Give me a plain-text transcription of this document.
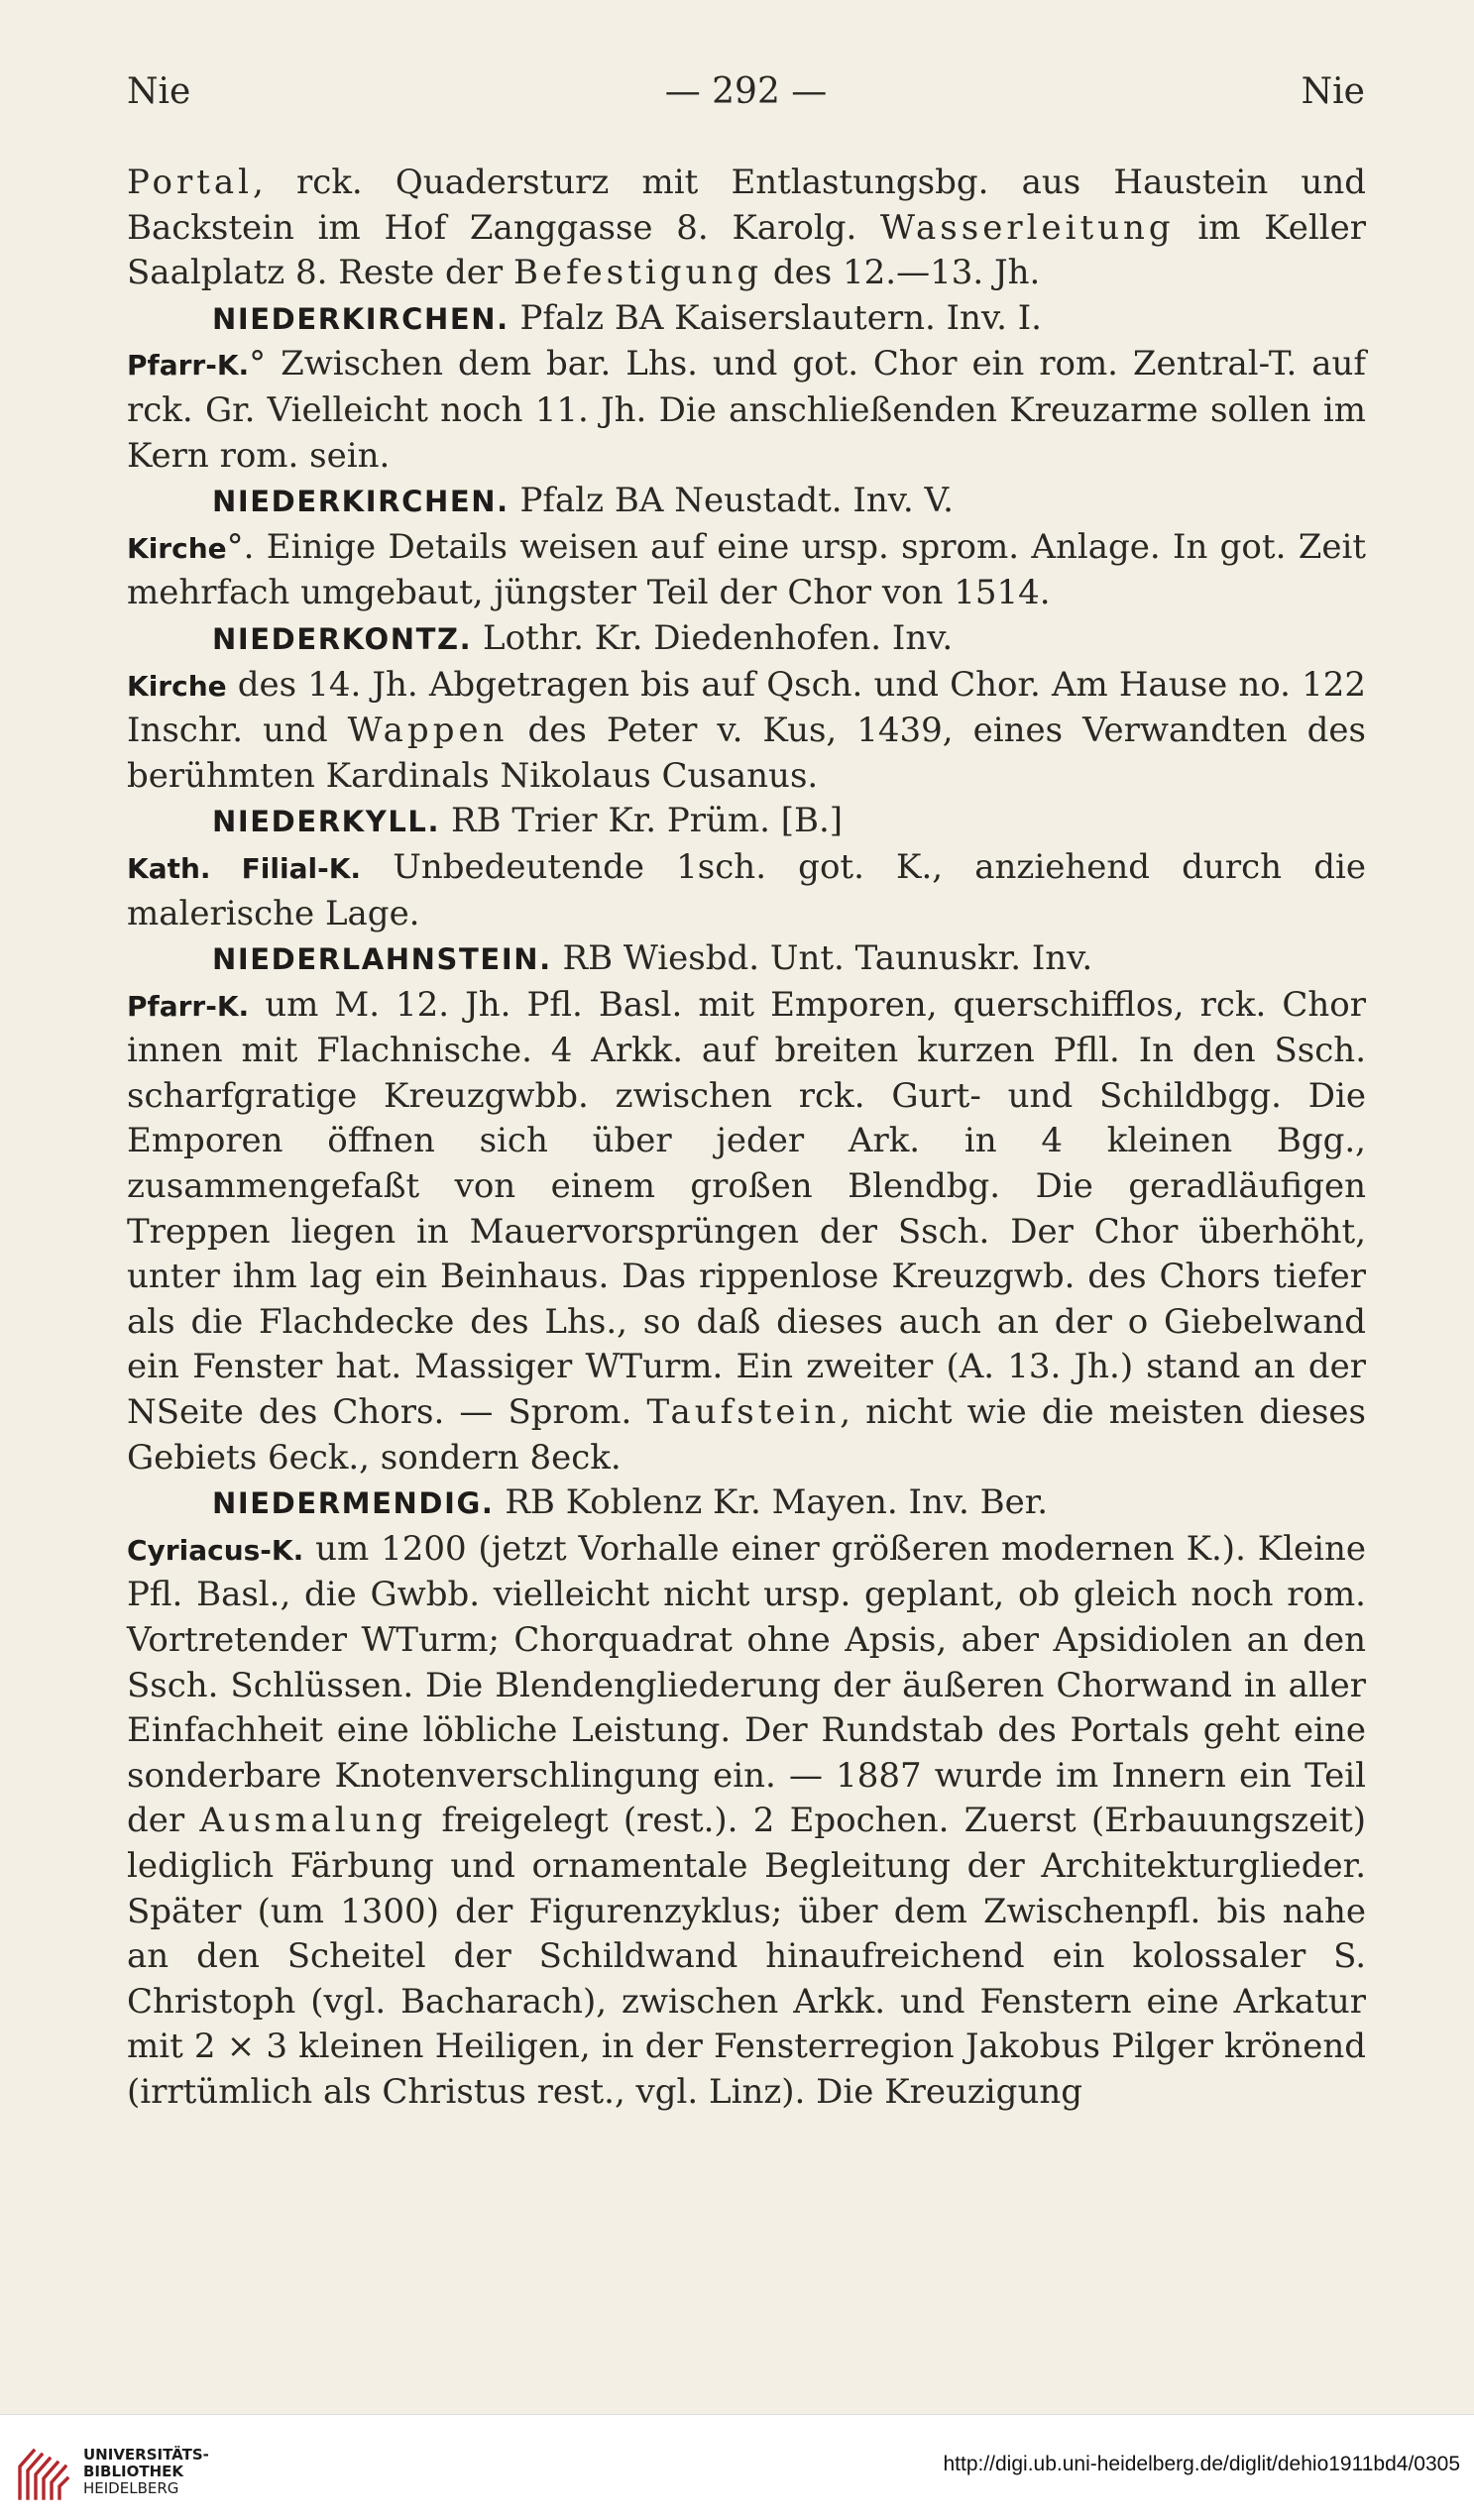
Nie	— 292 —	Nie

Portal, rck. Quadersturz mit Entlastungsbg. aus Haustein und Backstein im Hof Zanggasse 8. Karolg. Wasserleitung im Keller Saalplatz 8. Reste der Befestigung des 12.—13. Jh.

NIEDERKIRCHEN. Pfalz BA Kaiserslautern. Inv. I.

Pfarr-K.° Zwischen dem bar. Lhs. und got. Chor ein rom. Zentral-T. auf rck. Gr. Vielleicht noch 11. Jh. Die anschließenden Kreuzarme sollen im Kern rom. sein.

NIEDERKIRCHEN. Pfalz BA Neustadt. Inv. V.

Kirche°. Einige Details weisen auf eine ursp. sprom. Anlage. In got. Zeit mehrfach umgebaut, jüngster Teil der Chor von 1514.

NIEDERKONTZ. Lothr. Kr. Diedenhofen. Inv.

Kirche des 14. Jh. Abgetragen bis auf Qsch. und Chor. Am Hause no. 122 Inschr. und Wappen des Peter v. Kus, 1439, eines Verwandten des berühmten Kardinals Nikolaus Cusanus.

NIEDERKYLL. RB Trier Kr. Prüm. [B.]

Kath. Filial-K. Unbedeutende 1sch. got. K., anziehend durch die malerische Lage.

NIEDERLAHNSTEIN. RB Wiesbd. Unt. Taunuskr. Inv.

Pfarr-K. um M. 12. Jh. Pfl. Basl. mit Emporen, querschifflos, rck. Chor innen mit Flachnische. 4 Arkk. auf breiten kurzen Pfll. In den Ssch. scharfgratige Kreuzgwbb. zwischen rck. Gurt- und Schildbgg. Die Emporen öffnen sich über jeder Ark. in 4 kleinen Bgg., zusammengefaßt von einem großen Blendbg. Die geradläufigen Treppen liegen in Mauervorsprüngen der Ssch. Der Chor überhöht, unter ihm lag ein Beinhaus. Das rippenlose Kreuzgwb. des Chors tiefer als die Flachdecke des Lhs., so daß dieses auch an der o Giebelwand ein Fenster hat. Massiger WTurm. Ein zweiter (A. 13. Jh.) stand an der NSeite des Chors. — Sprom. Taufstein, nicht wie die meisten dieses Gebiets 6eck., sondern 8eck.

NIEDERMENDIG. RB Koblenz Kr. Mayen. Inv. Ber.

Cyriacus-K. um 1200 (jetzt Vorhalle einer größeren modernen K.). Kleine Pfl. Basl., die Gwbb. vielleicht nicht ursp. geplant, ob gleich noch rom. Vortretender WTurm; Chorquadrat ohne Apsis, aber Apsidiolen an den Ssch. Schlüssen. Die Blendengliederung der äußeren Chorwand in aller Einfachheit eine löbliche Leistung. Der Rundstab des Portals geht eine sonderbare Knotenverschlingung ein. — 1887 wurde im Innern ein Teil der Ausmalung freigelegt (rest.). 2 Epochen. Zuerst (Erbauungszeit) lediglich Färbung und ornamentale Begleitung der Architekturglieder. Später (um 1300) der Figurenzyklus; über dem Zwischenpfl. bis nahe an den Scheitel der Schildwand hinaufreichend ein kolossaler S. Christoph (vgl. Bacharach), zwischen Arkk. und Fenstern eine Arkatur mit 2 × 3 kleinen Heiligen, in der Fensterregion Jakobus Pilger krönend (irrtümlich als Christus rest., vgl. Linz). Die Kreuzigung

UNIVERSITÄTS-
BIBLIOTHEK
HEIDELBERG
http://digi.ub.uni-heidelberg.de/diglit/dehio1911bd4/0305
